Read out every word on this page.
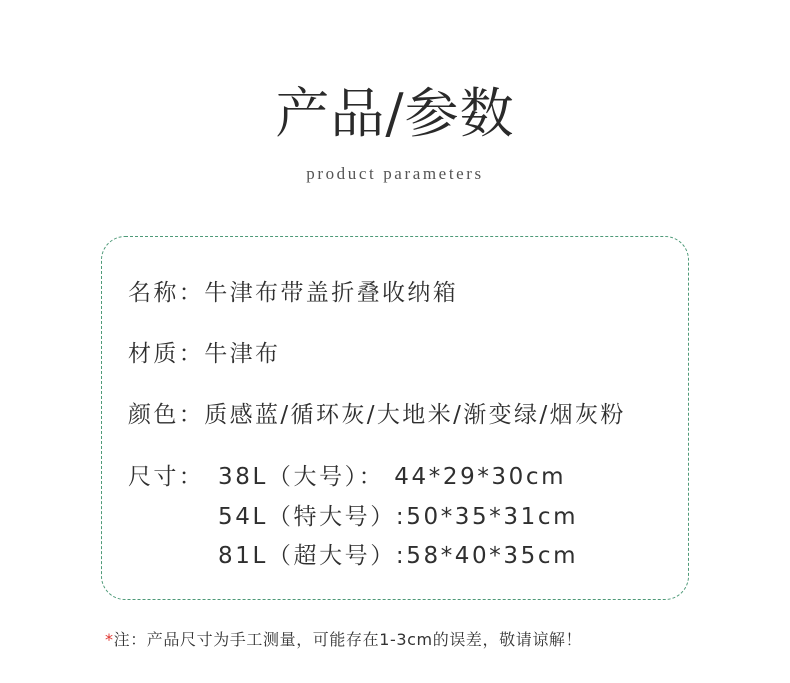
产品/参数
product parameters
名称：牛津布带盖折叠收纳箱
材质：牛津布
颜色：质感蓝/循环灰/大地米/渐变绿/烟灰粉
尺寸： 38L（大号）： 44*29*30cm
54L（特大号）:50*35*31cm
81L（超大号）:58*40*35cm
*注：产品尺寸为手工测量，可能存在1-3cm的误差，敬请谅解！
